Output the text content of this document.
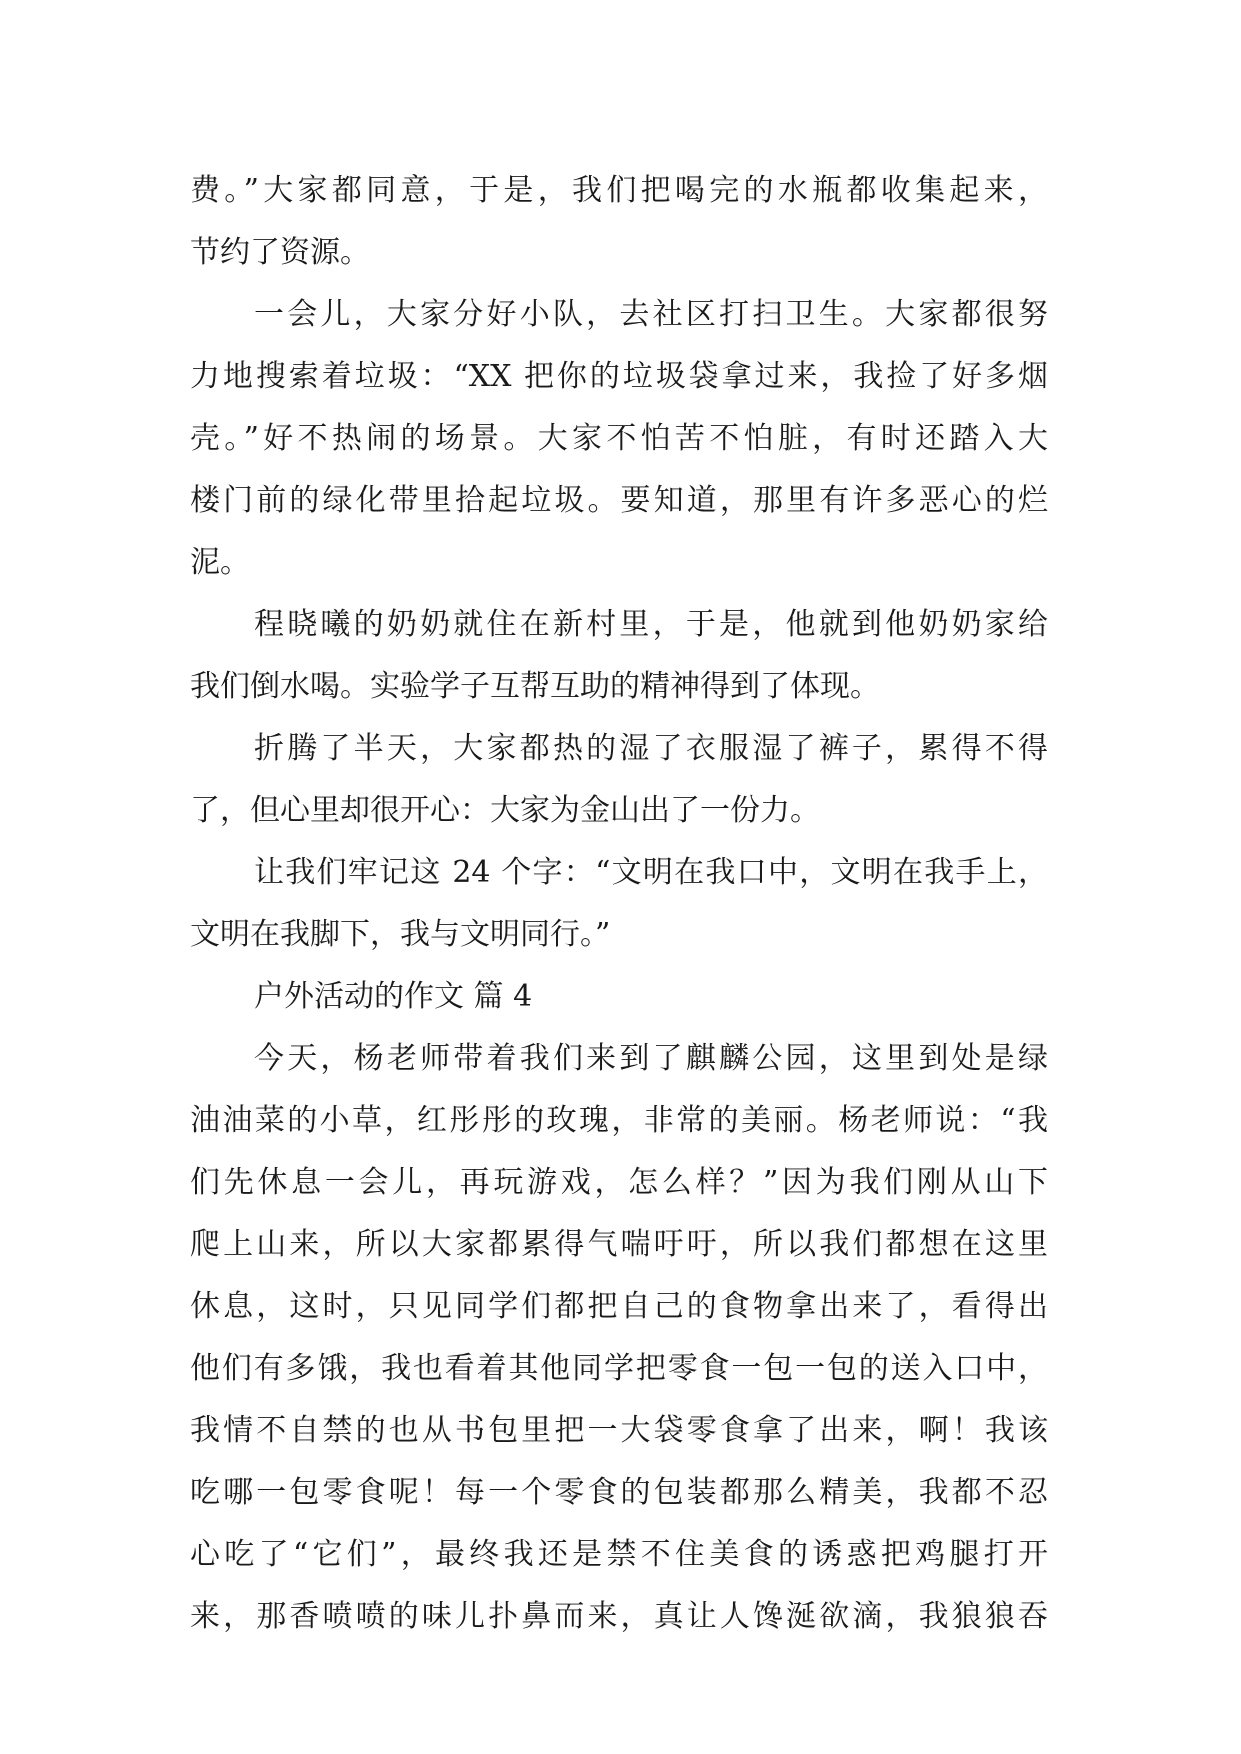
费。”大家都同意，于是，我们把喝完的水瓶都收集起来，
节约了资源。
一会儿，大家分好小队，去社区打扫卫生。大家都很努
力地搜索着垃圾：“XX 把你的垃圾袋拿过来，我捡了好多烟
壳。”好不热闹的场景。大家不怕苦不怕脏，有时还踏入大
楼门前的绿化带里拾起垃圾。要知道，那里有许多恶心的烂
泥。
程晓曦的奶奶就住在新村里，于是，他就到他奶奶家给
我们倒水喝。实验学子互帮互助的精神得到了体现。
折腾了半天，大家都热的湿了衣服湿了裤子，累得不得
了，但心里却很开心：大家为金山出了一份力。
让我们牢记这 24 个字：“文明在我口中，文明在我手上，
文明在我脚下，我与文明同行。”
户外活动的作文 篇 4
今天，杨老师带着我们来到了麒麟公园，这里到处是绿
油油菜的小草，红彤彤的玫瑰，非常的美丽。杨老师说：“我
们先休息一会儿，再玩游戏，怎么样？”因为我们刚从山下
爬上山来，所以大家都累得气喘吁吁，所以我们都想在这里
休息，这时，只见同学们都把自己的食物拿出来了，看得出
他们有多饿，我也看着其他同学把零食一包一包的送入口中，
我情不自禁的也从书包里把一大袋零食拿了出来，啊！我该
吃哪一包零食呢！每一个零食的包装都那么精美，我都不忍
心吃了“它们”，最终我还是禁不住美食的诱惑把鸡腿打开
来，那香喷喷的味儿扑鼻而来，真让人馋涎欲滴，我狼狼吞
